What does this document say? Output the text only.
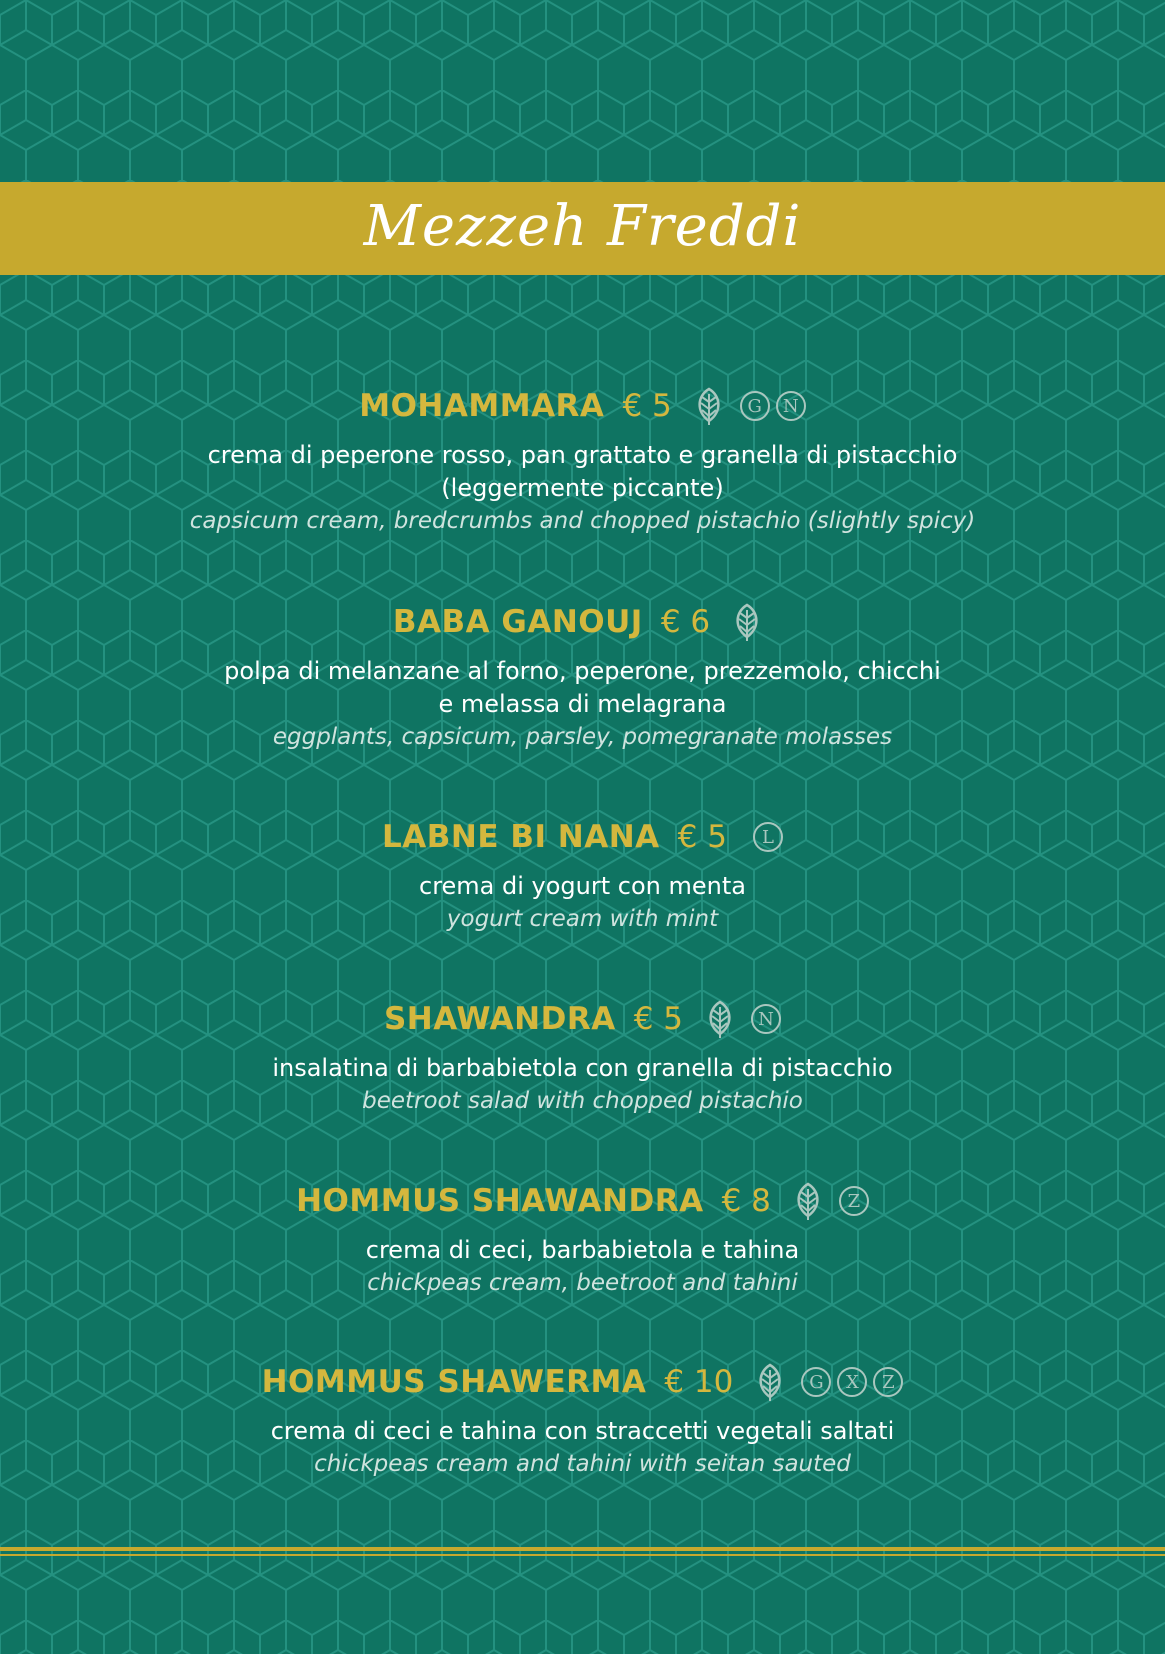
Mezzeh Freddi
MOHAMMARA € 5	G	N
crema di peperone rosso, pan grattato e granella di pistacchio
(leggermente piccante)
capsicum cream, bredcrumbs and chopped pistachio (slightly spicy)
BABA GANOUJ € 6
polpa di melanzane al forno, peperone, prezzemolo, chicchi
e melassa di melagrana
eggplants, capsicum, parsley, pomegranate molasses
LABNE BI NANA € 5	L
crema di yogurt con menta
yogurt cream with mint
SHAWANDRA € 5	N
insalatina di barbabietola con granella di pistacchio
beetroot salad with chopped pistachio
HOMMUS SHAWANDRA € 8	Z
crema di ceci, barbabietola e tahina
chickpeas cream, beetroot and tahini
HOMMUS SHAWERMA € 10	G	X	Z
crema di ceci e tahina con straccetti vegetali saltati
chickpeas cream and tahini with seitan sauted
